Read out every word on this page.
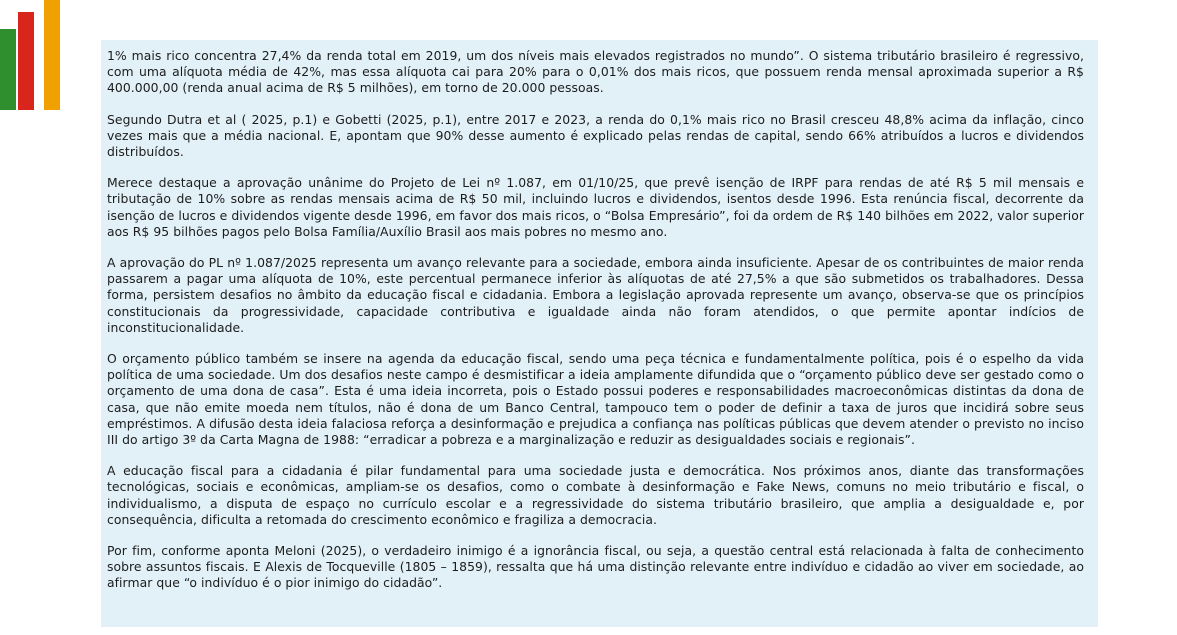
1% mais rico concentra 27,4% da renda total em 2019, um dos níveis mais elevados registrados no mundo”. O sistema tributário brasileiro é regressivo, com uma alíquota média de 42%, mas essa alíquota cai para 20% para o 0,01% dos mais ricos, que possuem renda mensal aproximada superior a R$ 400.000,00 (renda anual acima de R$ 5 milhões), em torno de 20.000 pessoas.

Segundo Dutra et al ( 2025, p.1) e Gobetti (2025, p.1), entre 2017 e 2023, a renda do 0,1% mais rico no Brasil cresceu 48,8% acima da inflação, cinco vezes mais que a média nacional. E, apontam que 90% desse aumento é explicado pelas rendas de capital, sendo 66% atribuídos a lucros e dividendos distribuídos.

Merece destaque a aprovação unânime do Projeto de Lei nº 1.087, em 01/10/25, que prevê isenção de IRPF para rendas de até R$ 5 mil mensais e tributação de 10% sobre as rendas mensais acima de R$ 50 mil, incluindo lucros e dividendos, isentos desde 1996. Esta renúncia fiscal, decorrente da isenção de lucros e dividendos vigente desde 1996, em favor dos mais ricos, o “Bolsa Empresário”, foi da ordem de R$ 140 bilhões em 2022, valor superior aos R$ 95 bilhões pagos pelo Bolsa Família/Auxílio Brasil aos mais pobres no mesmo ano.

A aprovação do PL nº 1.087/2025 representa um avanço relevante para a sociedade, embora ainda insuficiente. Apesar de os contribuintes de maior renda passarem a pagar uma alíquota de 10%, este percentual permanece inferior às alíquotas de até 27,5% a que são submetidos os trabalhadores. Dessa forma, persistem desafios no âmbito da educação fiscal e cidadania. Embora a legislação aprovada represente um avanço, observa-se que os princípios constitucionais da progressividade, capacidade contributiva e igualdade ainda não foram atendidos, o que permite apontar indícios de inconstitucionalidade.

O orçamento público também se insere na agenda da educação fiscal, sendo uma peça técnica e fundamentalmente política, pois é o espelho da vida política de uma sociedade. Um dos desafios neste campo é desmistificar a ideia amplamente difundida que o “orçamento público deve ser gestado como o orçamento de uma dona de casa”. Esta é uma ideia incorreta, pois o Estado possui poderes e responsabilidades macroeconômicas distintas da dona de casa, que não emite moeda nem títulos, não é dona de um Banco Central, tampouco tem o poder de definir a taxa de juros que incidirá sobre seus empréstimos. A difusão desta ideia falaciosa reforça a desinformação e prejudica a confiança nas políticas públicas que devem atender o previsto no inciso III do artigo 3º da Carta Magna de 1988: “erradicar a pobreza e a marginalização e reduzir as desigualdades sociais e regionais”.

A educação fiscal para a cidadania é pilar fundamental para uma sociedade justa e democrática. Nos próximos anos, diante das transformações tecnológicas, sociais e econômicas, ampliam-se os desafios, como o combate à desinformação e Fake News, comuns no meio tributário e fiscal, o individualismo, a disputa de espaço no currículo escolar e a regressividade do sistema tributário brasileiro, que amplia a desigualdade e, por consequência, dificulta a retomada do crescimento econômico e fragiliza a democracia.

Por fim, conforme aponta Meloni (2025), o verdadeiro inimigo é a ignorância fiscal, ou seja, a questão central está relacionada à falta de conhecimento sobre assuntos fiscais. E Alexis de Tocqueville (1805 – 1859), ressalta que há uma distinção relevante entre indivíduo e cidadão ao viver em sociedade, ao afirmar que “o indivíduo é o pior inimigo do cidadão”.
